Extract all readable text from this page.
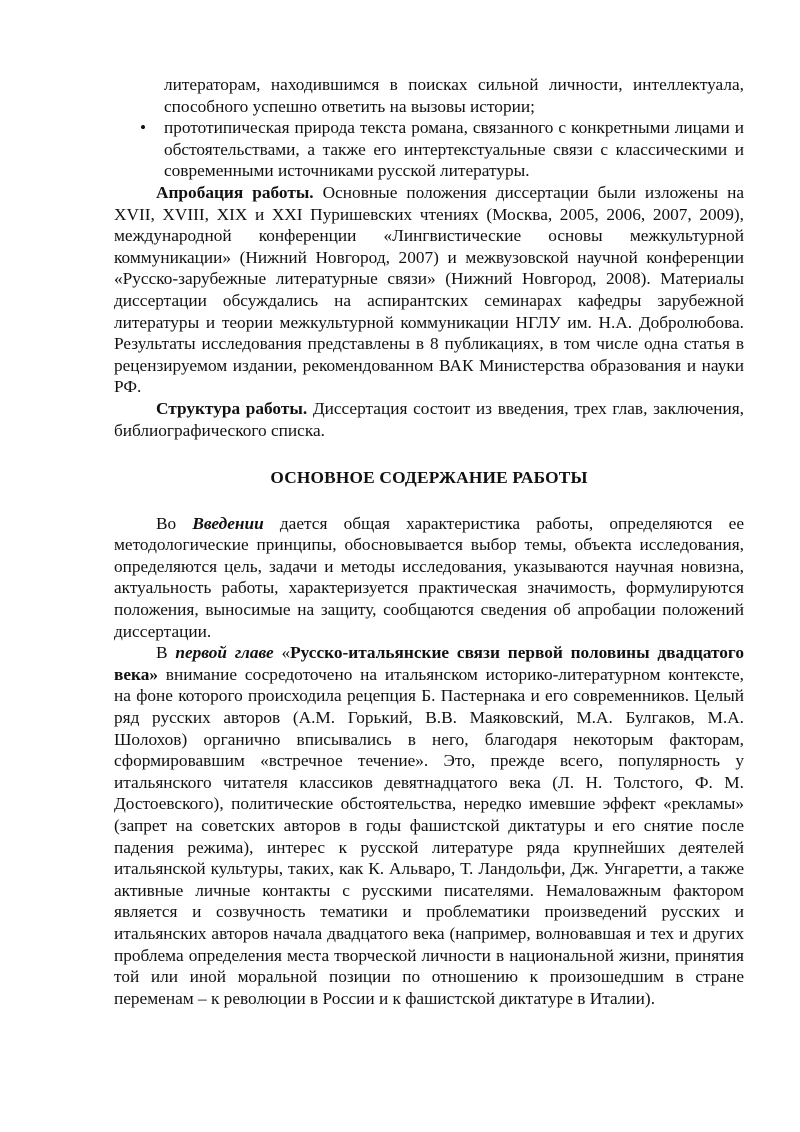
литераторам, находившимся в поисках сильной личности, интеллектуала, способного успешно ответить на вызовы истории;

• прототипическая природа текста романа, связанного с конкретными лицами и обстоятельствами, а также его интертекстуальные связи с классическими и современными источниками русской литературы.

Апробация работы. Основные положения диссертации были изложены на XVII, XVIII, XIX и XXI Пуришевских чтениях (Москва, 2005, 2006, 2007, 2009), международной конференции «Лингвистические основы межкультурной коммуникации» (Нижний Новгород, 2007) и межвузовской научной конференции «Русско-зарубежные литературные связи» (Нижний Новгород, 2008). Материалы диссертации обсуждались на аспирантских семинарах кафедры зарубежной литературы и теории межкультурной коммуникации НГЛУ им. Н.А. Добролюбова. Результаты исследования представлены в 8 публикациях, в том числе одна статья в рецензируемом издании, рекомендованном ВАК Министерства образования и науки РФ.

Структура работы. Диссертация состоит из введения, трех глав, заключения, библиографического списка.

ОСНОВНОЕ СОДЕРЖАНИЕ РАБОТЫ

Во Введении дается общая характеристика работы, определяются ее методологические принципы, обосновывается выбор темы, объекта исследования, определяются цель, задачи и методы исследования, указываются научная новизна, актуальность работы, характеризуется практическая значимость, формулируются положения, выносимые на защиту, сообщаются сведения об апробации положений диссертации.

В первой главе «Русско-итальянские связи первой половины двадцатого века» внимание сосредоточено на итальянском историко-литературном контексте, на фоне которого происходила рецепция Б. Пастернака и его современников. Целый ряд русских авторов (А.М. Горький, В.В. Маяковский, М.А. Булгаков, М.А. Шолохов) органично вписывались в него, благодаря некоторым факторам, сформировавшим «встречное течение». Это, прежде всего, популярность у итальянского читателя классиков девятнадцатого века (Л. Н. Толстого, Ф. М. Достоевского), политические обстоятельства, нередко имевшие эффект «рекламы» (запрет на советских авторов в годы фашистской диктатуры и его снятие после падения режима), интерес к русской литературе ряда крупнейших деятелей итальянской культуры, таких, как К. Альваро, Т. Ландольфи, Дж. Унгаретти, а также активные личные контакты с русскими писателями. Немаловажным фактором является и созвучность тематики и проблематики произведений русских и итальянских авторов начала двадцатого века (например, волновавшая и тех и других проблема определения места творческой личности в национальной жизни, принятия той или иной моральной позиции по отношению к произошедшим в стране переменам – к революции в России и к фашистской диктатуре в Италии).
